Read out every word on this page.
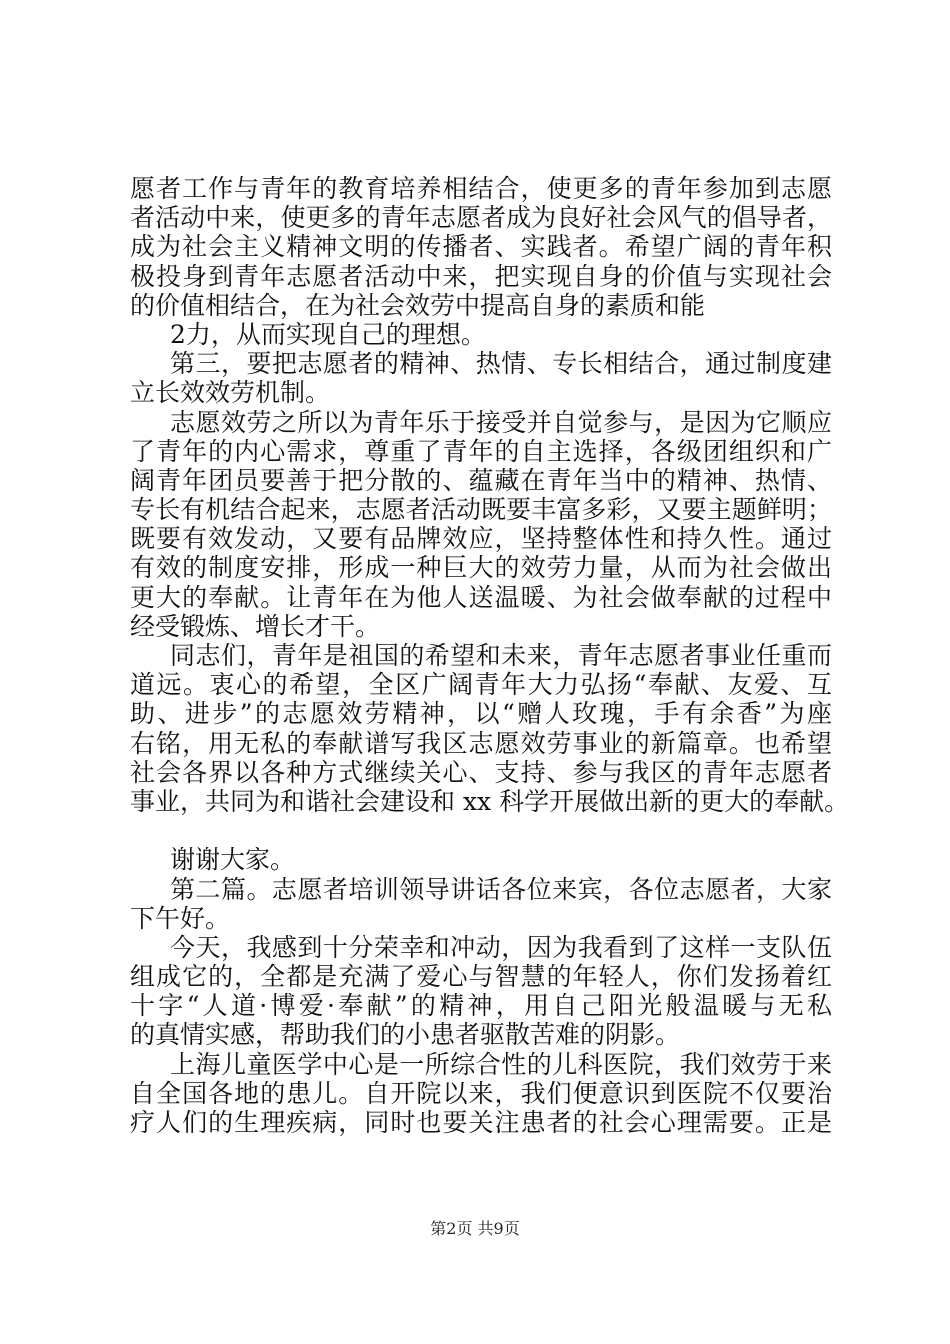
愿者工作与青年的教育培养相结合，使更多的青年参加到志愿
者活动中来，使更多的青年志愿者成为良好社会风气的倡导者，
成为社会主义精神文明的传播者、实践者。希望广阔的青年积
极投身到青年志愿者活动中来，把实现自身的价值与实现社会
的价值相结合，在为社会效劳中提高自身的素质和能
2力，从而实现自己的理想。
第三，要把志愿者的精神、热情、专长相结合，通过制度建
立长效效劳机制。
志愿效劳之所以为青年乐于接受并自觉参与，是因为它顺应
了青年的内心需求，尊重了青年的自主选择，各级团组织和广
阔青年团员要善于把分散的、蕴藏在青年当中的精神、热情、
专长有机结合起来，志愿者活动既要丰富多彩，又要主题鲜明；
既要有效发动，又要有品牌效应，坚持整体性和持久性。通过
有效的制度安排，形成一种巨大的效劳力量，从而为社会做出
更大的奉献。让青年在为他人送温暖、为社会做奉献的过程中
经受锻炼、增长才干。
同志们，青年是祖国的希望和未来，青年志愿者事业任重而
道远。衷心的希望，全区广阔青年大力弘扬“奉献、友爱、互
助、进步”的志愿效劳精神，以“赠人玫瑰，手有余香”为座
右铭，用无私的奉献谱写我区志愿效劳事业的新篇章。也希望
社会各界以各种方式继续关心、支持、参与我区的青年志愿者
事业，共同为和谐社会建设和 xx 科学开展做出新的更大的奉献。
谢谢大家。
第二篇。志愿者培训领导讲话各位来宾，各位志愿者，大家
下午好。
今天，我感到十分荣幸和冲动，因为我看到了这样一支队伍
组成它的，全都是充满了爱心与智慧的年轻人，你们发扬着红
十字“人道·博爱·奉献”的精神，用自己阳光般温暖与无私
的真情实感，帮助我们的小患者驱散苦难的阴影。
上海儿童医学中心是一所综合性的儿科医院，我们效劳于来
自全国各地的患儿。自开院以来，我们便意识到医院不仅要治
疗人们的生理疾病，同时也要关注患者的社会心理需要。正是
第2页 共9页
